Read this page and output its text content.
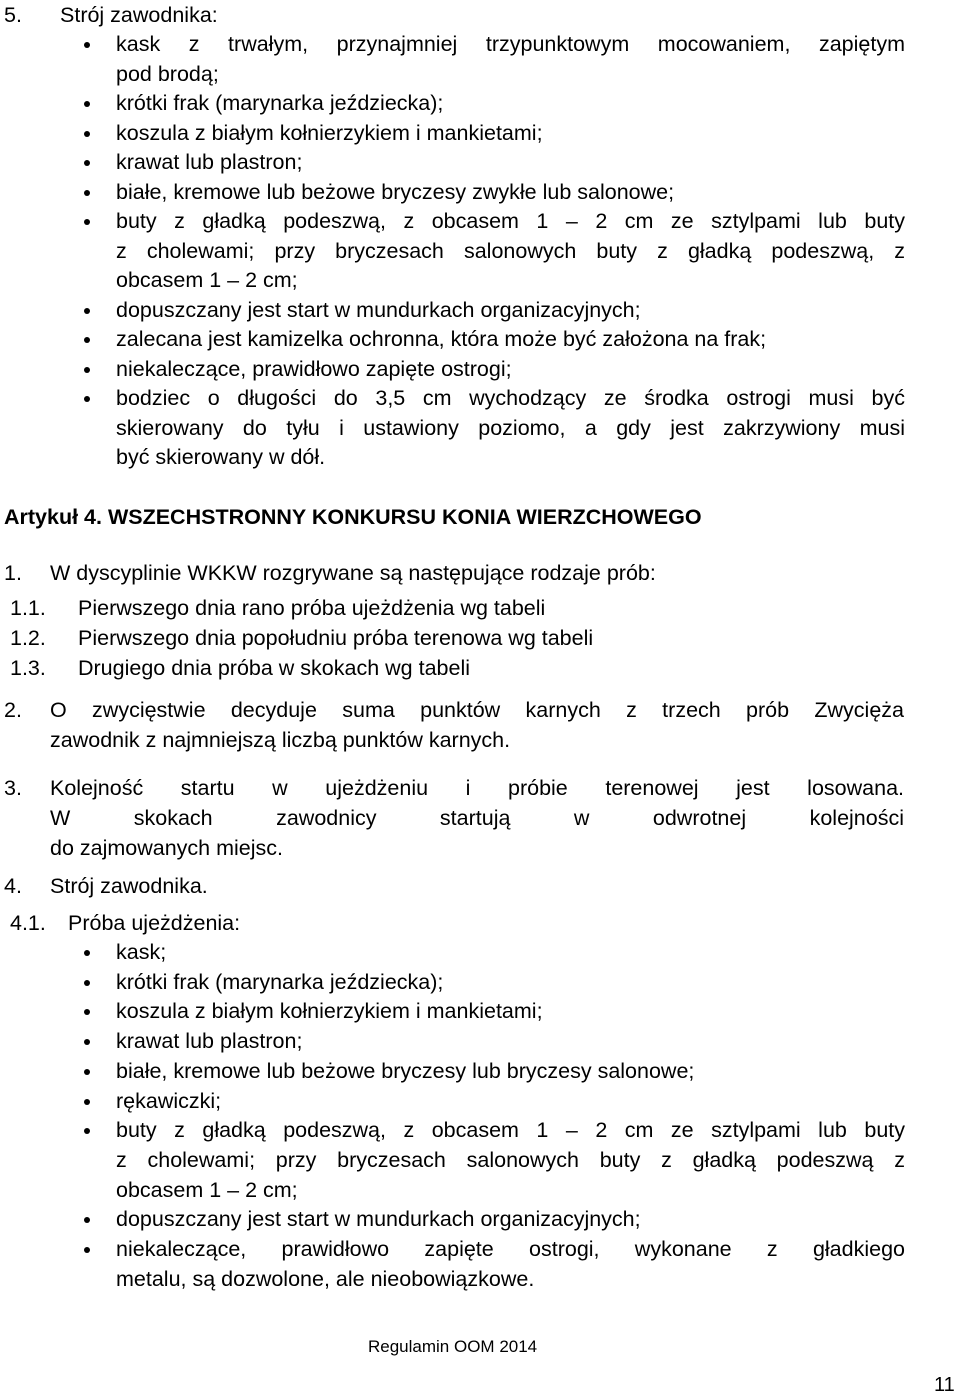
5. Strój zawodnika:
kask z trwałym, przynajmniej trzypunktowym mocowaniem, zapiętym
pod brodą;
krótki frak (marynarka jeździecka);
koszula z białym kołnierzykiem i mankietami;
krawat lub plastron;
białe, kremowe lub beżowe bryczesy zwykłe lub salonowe;
buty z gładką podeszwą, z obcasem 1 – 2 cm ze sztylpami lub buty
z cholewami; przy bryczesach salonowych buty z gładką podeszwą, z
obcasem 1 – 2 cm;
dopuszczany jest start w mundurkach organizacyjnych;
zalecana jest kamizelka ochronna, która może być założona na frak;
niekaleczące, prawidłowo zapięte ostrogi;
bodziec o długości do 3,5 cm wychodzący ze środka ostrogi musi być
skierowany do tyłu i ustawiony poziomo, a gdy jest zakrzywiony musi
być skierowany w dół.
Artykuł 4. WSZECHSTRONNY KONKURSU KONIA WIERZCHOWEGO
1. W dyscyplinie WKKW rozgrywane są następujące rodzaje prób:
1.1. Pierwszego dnia rano próba ujeżdżenia wg tabeli
1.2. Pierwszego dnia popołudniu próba terenowa wg tabeli
1.3. Drugiego dnia próba w skokach wg tabeli
2. O zwycięstwie decyduje suma punktów karnych z trzech prób Zwycięża
zawodnik z najmniejszą liczbą punktów karnych.
3. Kolejność startu w ujeżdżeniu i próbie terenowej jest losowana.
W skokach zawodnicy startują w odwrotnej kolejności
do zajmowanych miejsc.
4. Strój zawodnika.
4.1. Próba ujeżdżenia:
kask;
krótki frak (marynarka jeździecka);
koszula z białym kołnierzykiem i mankietami;
krawat lub plastron;
białe, kremowe lub beżowe bryczesy lub bryczesy salonowe;
rękawiczki;
buty z gładką podeszwą, z obcasem 1 – 2 cm ze sztylpami lub buty
z cholewami; przy bryczesach salonowych buty z gładką podeszwą z
obcasem 1 – 2 cm;
dopuszczany jest start w mundurkach organizacyjnych;
niekaleczące, prawidłowo zapięte ostrogi, wykonane z gładkiego
metalu, są dozwolone, ale nieobowiązkowe.
Regulamin OOM 2014
11
